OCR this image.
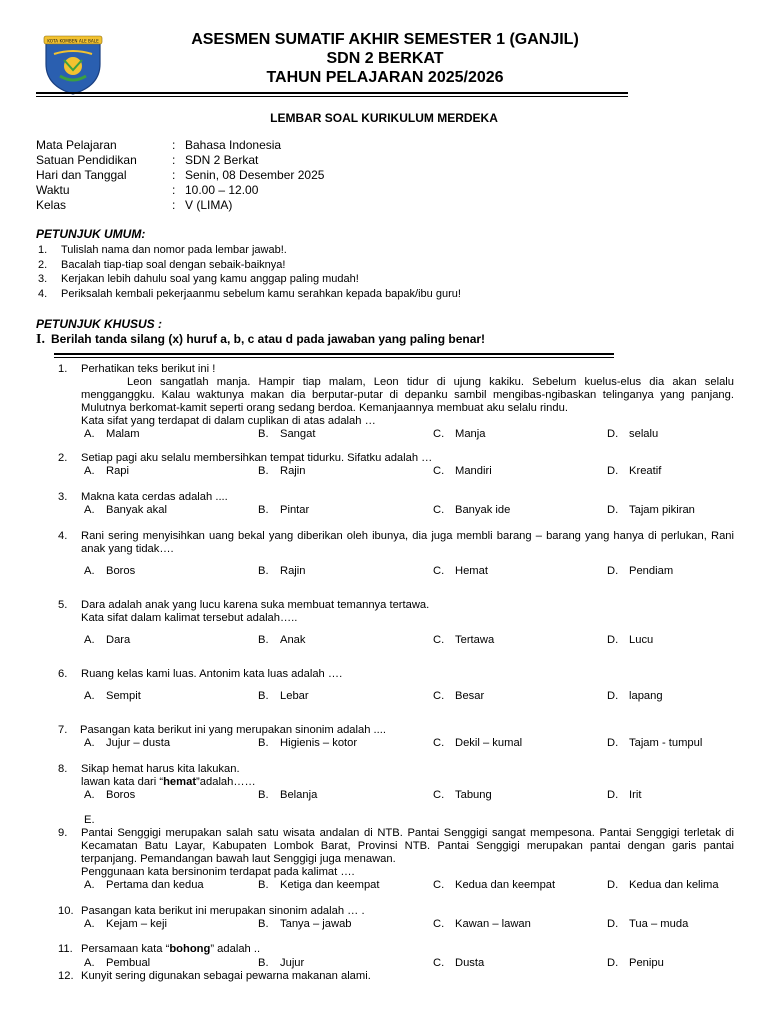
KOTA KOMBEN ALE BALE	ASESMEN SUMATIF AKHIR SEMESTER 1 (GANJIL)
SDN 2 BERKAT
TAHUN PELAJARAN 2025/2026
LEMBAR SOAL KURIKULUM MERDEKA
Mata Pelajaran	: Bahasa Indonesia
Satuan Pendidikan	: SDN 2 Berkat
Hari dan Tanggal	: Senin, 08 Desember 2025
Waktu	: 10.00 – 12.00
Kelas	: V (LIMA)
PETUNJUK UMUM:
1.	Tulislah nama dan nomor pada lembar jawab!.
2.	Bacalah tiap-tiap soal dengan sebaik-baiknya!
3.	Kerjakan lebih dahulu soal yang kamu anggap paling mudah!
4.	Periksalah kembali pekerjaanmu sebelum kamu serahkan kepada bapak/ibu guru!
PETUNJUK KHUSUS :
I. Berilah tanda silang (x) huruf a, b, c atau d pada jawaban yang paling benar!
1. Perhatikan teks berikut ini !
Leon sangatlah manja. Hampir tiap malam, Leon tidur di ujung kakiku. Sebelum kuelus-elus dia akan selalu mengganggku. Kalau waktunya makan dia berputar-putar di depanku sambil mengibas-ngibaskan telinganya yang panjang. Mulutnya berkomat-kamit seperti orang sedang berdoa. Kemanjaannya membuat aku selalu rindu.
Kata sifat yang terdapat di dalam cuplikan di atas adalah …
A. Malam	B. Sangat	C. Manja	D. selalu
2. Setiap pagi aku selalu membersihkan tempat tidurku. Sifatku adalah …
A. Rapi	B. Rajin	C. Mandiri	D. Kreatif
3. Makna kata cerdas adalah ....
A. Banyak akal	B. Pintar	C. Banyak ide	D. Tajam pikiran
4. Rani sering menyisihkan uang bekal yang diberikan oleh ibunya, dia juga membli barang – barang yang hanya di perlukan, Rani anak yang tidak….
A. Boros	B. Rajin	C. Hemat	D. Pendiam
5. Dara adalah anak yang lucu karena suka membuat temannya tertawa.
Kata sifat dalam kalimat tersebut adalah…..
A. Dara	B. Anak	C. Tertawa	D. Lucu
6. Ruang kelas kami luas. Antonim kata luas adalah ….
A. Sempit	B. Lebar	C. Besar	D. lapang
7. Pasangan kata berikut ini yang merupakan sinonim adalah ....
A. Jujur – dusta	B. Higienis – kotor	C. Dekil – kumal	D. Tajam - tumpul
8. Sikap hemat harus kita lakukan.
lawan kata dari “hemat”adalah……
A. Boros	B. Belanja	C. Tabung	D. Irit
E.
9. Pantai Senggigi merupakan salah satu wisata andalan di NTB. Pantai Senggigi sangat mempesona. Pantai Senggigi terletak di Kecamatan Batu Layar, Kabupaten Lombok Barat, Provinsi NTB. Pantai Senggigi merupakan pantai dengan garis pantai terpanjang. Pemandangan bawah laut Senggigi juga menawan.
Penggunaan kata bersinonim terdapat pada kalimat ….
A. Pertama dan kedua	B. Ketiga dan keempat	C. Kedua dan keempat	D. Kedua dan kelima
10. Pasangan kata berikut ini merupakan sinonim adalah … .
A. Kejam – keji	B. Tanya – jawab	C. Kawan – lawan	D. Tua – muda
11. Persamaan kata “bohong” adalah ..
A. Pembual	B. Jujur	C. Dusta	D. Penipu
12. Kunyit sering digunakan sebagai pewarna makanan alami.
